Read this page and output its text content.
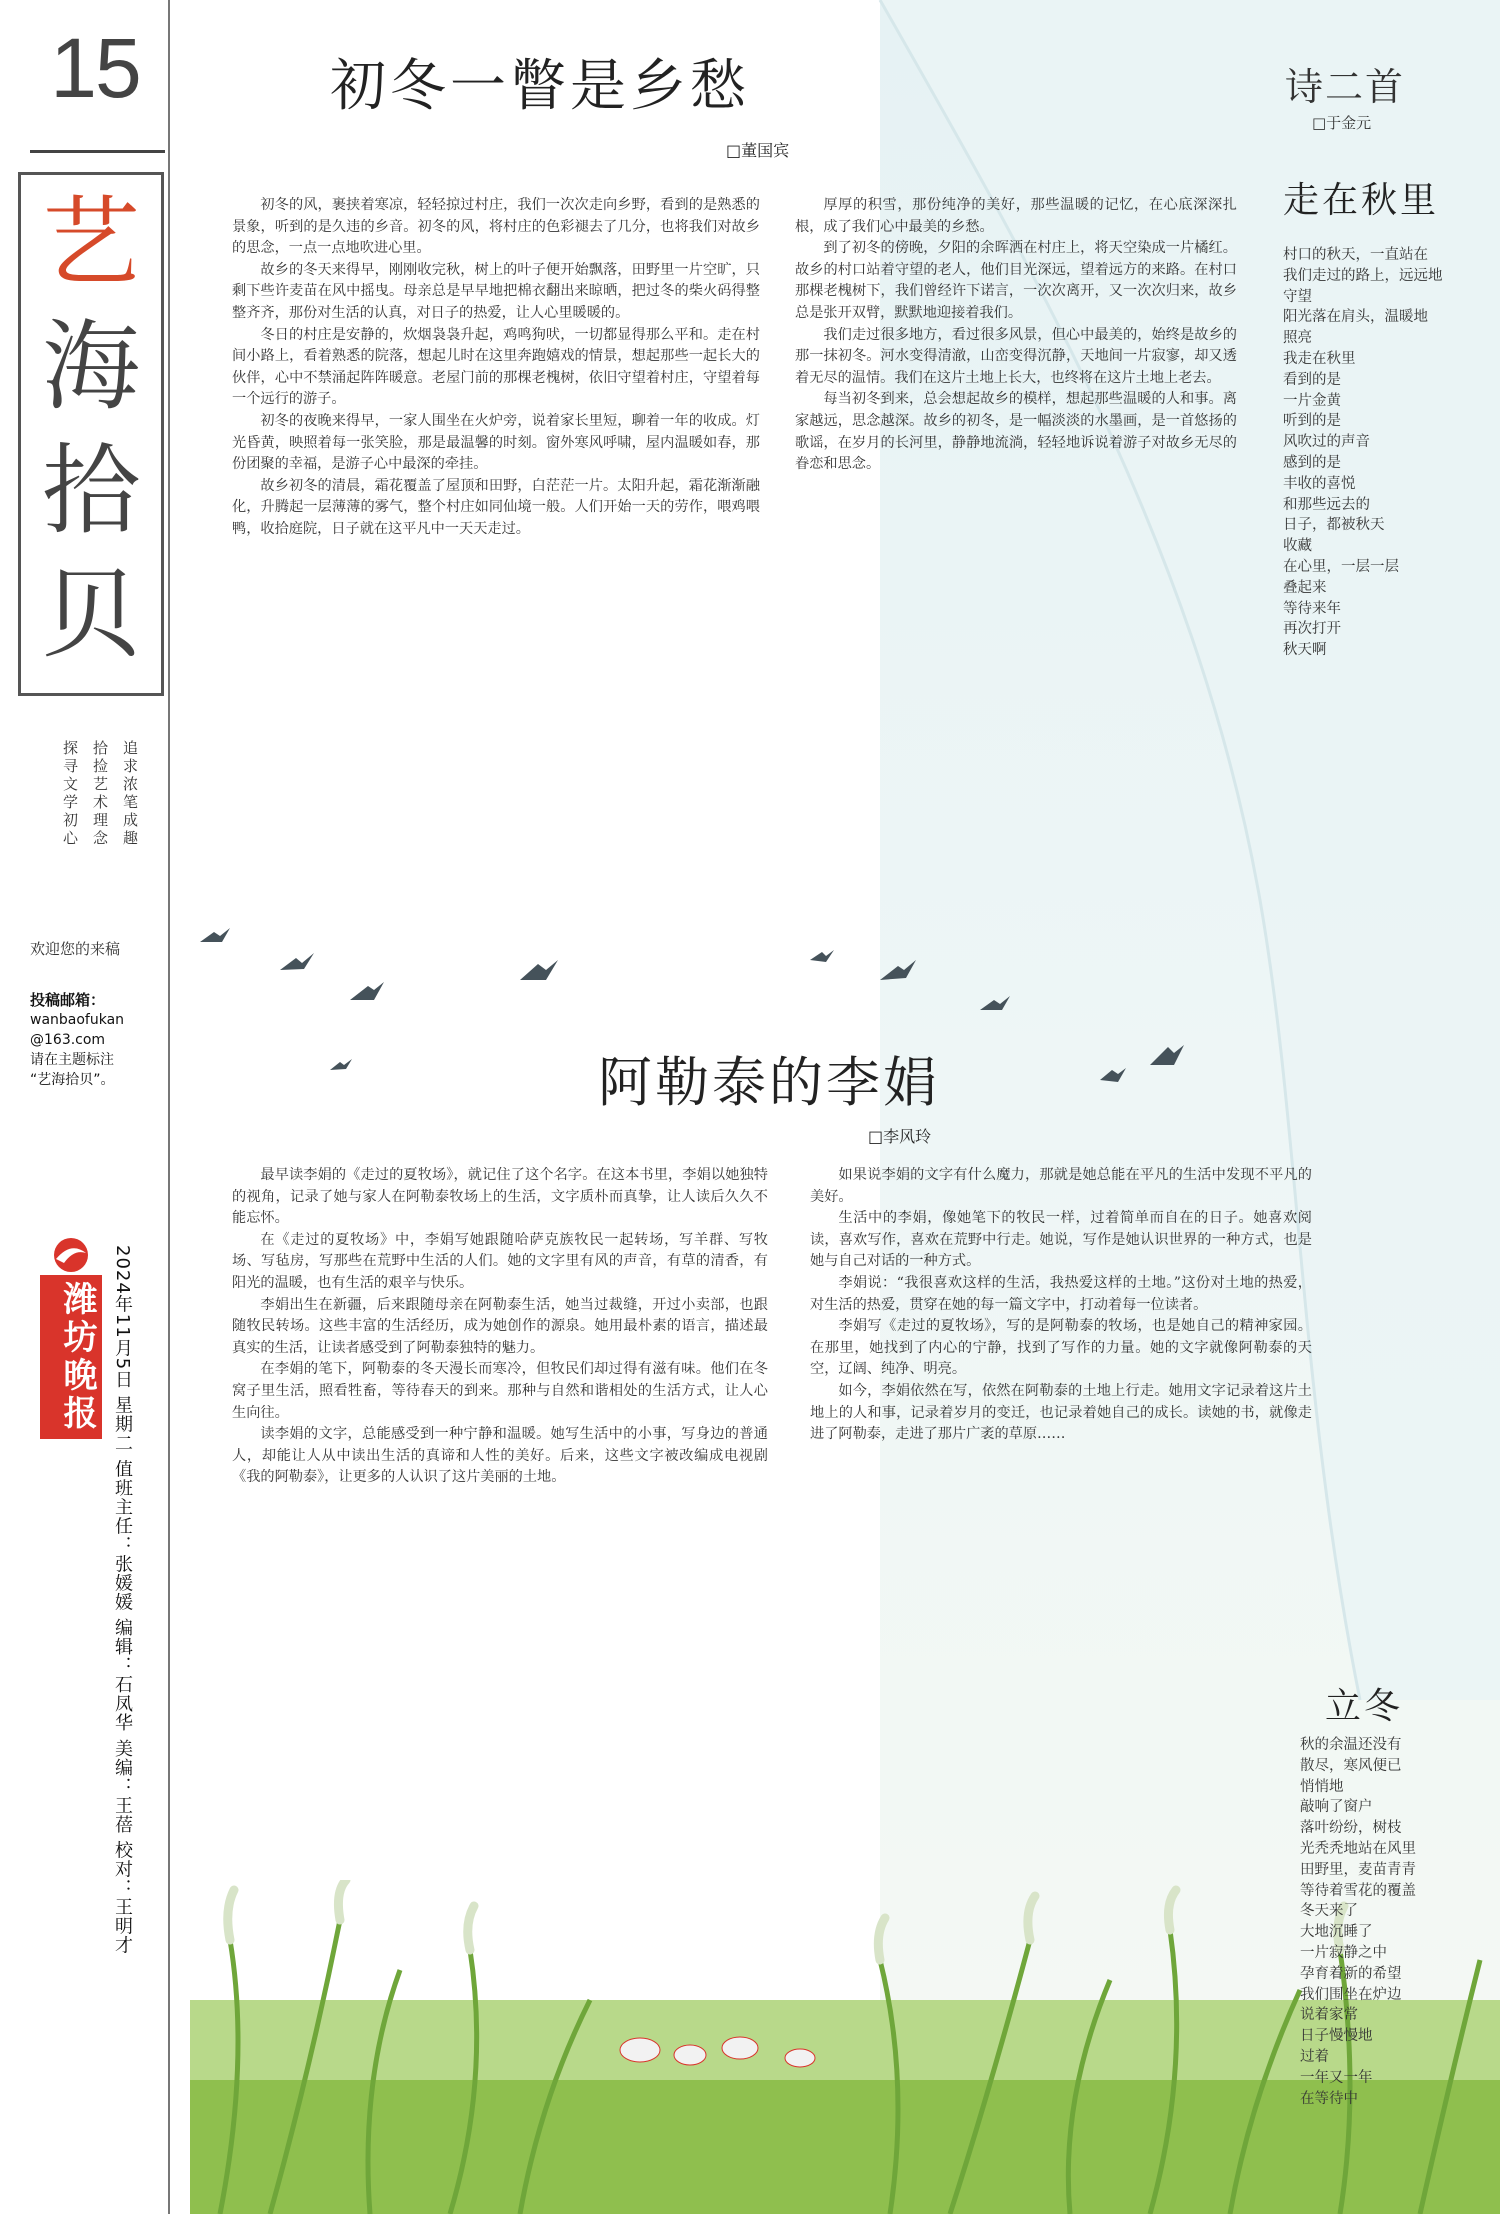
15
艺
海
拾
贝
追求浓笔成趣
拾捡艺术理念
探寻文学初心
欢迎您的来稿
投稿邮箱：
wanbaofukan
@163.com
请在主题标注
“艺海拾贝”。
潍坊晚报 2024年11月5日 星期二 值班主任：张媛媛 编辑：石凤华 美编：王蓓 校对：王明才
初冬一瞥是乡愁
□董国宾

初冬的风，裹挟着寒凉，轻轻掠过村庄，我们一次次走向乡野，看到的是熟悉的景象，听到的是久违的乡音。初冬的风，将村庄的色彩褪去了几分，也将我们对故乡的思念，一点一点地吹进心里。

故乡的冬天来得早，刚刚收完秋，树上的叶子便开始飘落，田野里一片空旷，只剩下些许麦苗在风中摇曳。母亲总是早早地把棉衣翻出来晾晒，把过冬的柴火码得整整齐齐，那份对生活的认真，对日子的热爱，让人心里暖暖的。

冬日的村庄是安静的，炊烟袅袅升起，鸡鸣狗吠，一切都显得那么平和。走在村间小路上，看着熟悉的院落，想起儿时在这里奔跑嬉戏的情景，想起那些一起长大的伙伴，心中不禁涌起阵阵暖意。老屋门前的那棵老槐树，依旧守望着村庄，守望着每一个远行的游子。

初冬的夜晚来得早，一家人围坐在火炉旁，说着家长里短，聊着一年的收成。灯光昏黄，映照着每一张笑脸，那是最温馨的时刻。窗外寒风呼啸，屋内温暖如春，那份团聚的幸福，是游子心中最深的牵挂。

故乡初冬的清晨，霜花覆盖了屋顶和田野，白茫茫一片。太阳升起，霜花渐渐融化，升腾起一层薄薄的雾气，整个村庄如同仙境一般。人们开始一天的劳作，喂鸡喂鸭，收拾庭院，日子就在这平凡中一天天走过。

厚厚的积雪，那份纯净的美好，那些温暖的记忆，在心底深深扎根，成了我们心中最美的乡愁。

到了初冬的傍晚，夕阳的余晖洒在村庄上，将天空染成一片橘红。故乡的村口站着守望的老人，他们目光深远，望着远方的来路。在村口那棵老槐树下，我们曾经许下诺言，一次次离开，又一次次归来，故乡总是张开双臂，默默地迎接着我们。

我们走过很多地方，看过很多风景，但心中最美的，始终是故乡的那一抹初冬。河水变得清澈，山峦变得沉静，天地间一片寂寥，却又透着无尽的温情。我们在这片土地上长大，也终将在这片土地上老去。

每当初冬到来，总会想起故乡的模样，想起那些温暖的人和事。离家越远，思念越深。故乡的初冬，是一幅淡淡的水墨画，是一首悠扬的歌谣，在岁月的长河里，静静地流淌，轻轻地诉说着游子对故乡无尽的眷恋和思念。

阿勒泰的李娟
□李风玲

最早读李娟的《走过的夏牧场》，就记住了这个名字。在这本书里，李娟以她独特的视角，记录了她与家人在阿勒泰牧场上的生活，文字质朴而真挚，让人读后久久不能忘怀。

在《走过的夏牧场》中，李娟写她跟随哈萨克族牧民一起转场，写羊群、写牧场、写毡房，写那些在荒野中生活的人们。她的文字里有风的声音，有草的清香，有阳光的温暖，也有生活的艰辛与快乐。

李娟出生在新疆，后来跟随母亲在阿勒泰生活，她当过裁缝，开过小卖部，也跟随牧民转场。这些丰富的生活经历，成为她创作的源泉。她用最朴素的语言，描述最真实的生活，让读者感受到了阿勒泰独特的魅力。

在李娟的笔下，阿勒泰的冬天漫长而寒冷，但牧民们却过得有滋有味。他们在冬窝子里生活，照看牲畜，等待春天的到来。那种与自然和谐相处的生活方式，让人心生向往。

读李娟的文字，总能感受到一种宁静和温暖。她写生活中的小事，写身边的普通人，却能让人从中读出生活的真谛和人性的美好。后来，这些文字被改编成电视剧《我的阿勒泰》，让更多的人认识了这片美丽的土地。

如果说李娟的文字有什么魔力，那就是她总能在平凡的生活中发现不平凡的美好。

生活中的李娟，像她笔下的牧民一样，过着简单而自在的日子。她喜欢阅读，喜欢写作，喜欢在荒野中行走。她说，写作是她认识世界的一种方式，也是她与自己对话的一种方式。

李娟说：“我很喜欢这样的生活，我热爱这样的土地。”这份对土地的热爱，对生活的热爱，贯穿在她的每一篇文字中，打动着每一位读者。

李娟写《走过的夏牧场》，写的是阿勒泰的牧场，也是她自己的精神家园。在那里，她找到了内心的宁静，找到了写作的力量。她的文字就像阿勒泰的天空，辽阔、纯净、明亮。

如今，李娟依然在写，依然在阿勒泰的土地上行走。她用文字记录着这片土地上的人和事，记录着岁月的变迁，也记录着她自己的成长。读她的书，就像走进了阿勒泰，走进了那片广袤的草原……

诗二首
□于金元
走在秋里
村口的秋天，一直站在
我们走过的路上，远远地
守望
阳光落在肩头，温暖地
照亮
我走在秋里
看到的是
一片金黄
听到的是
风吹过的声音
感到的是
丰收的喜悦
和那些远去的
日子，都被秋天
收藏
在心里，一层一层
叠起来
等待来年
再次打开
秋天啊
立冬
秋的余温还没有
散尽，寒风便已
悄悄地
敲响了窗户
落叶纷纷，树枝
光秃秃地站在风里
田野里，麦苗青青
等待着雪花的覆盖
冬天来了
大地沉睡了
一片寂静之中
孕育着新的希望
我们围坐在炉边
说着家常
日子慢慢地
过着
一年又一年
在等待中
